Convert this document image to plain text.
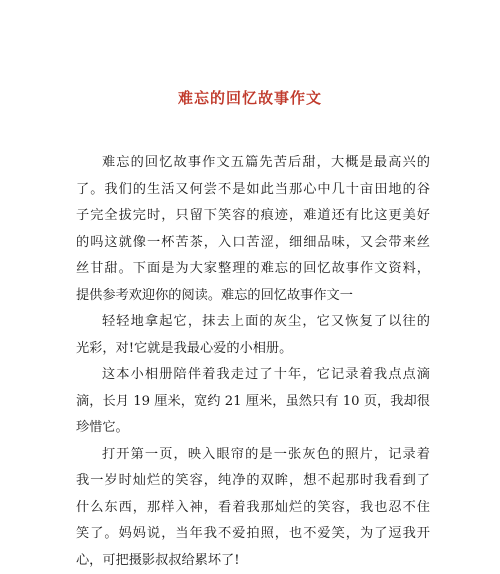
难忘的回忆故事作文
难忘的回忆故事作文五篇先苦后甜，大概是最高兴的
了。我们的生活又何尝不是如此当那心中几十亩田地的谷
子完全拔完时，只留下笑容的痕迹，难道还有比这更美好
的吗这就像一杯苦茶，入口苦涩，细细品味，又会带来丝
丝甘甜。下面是为大家整理的难忘的回忆故事作文资料，
提供参考欢迎你的阅读。难忘的回忆故事作文一
轻轻地拿起它，抹去上面的灰尘，它又恢复了以往的
光彩，对!它就是我最心爱的小相册。
这本小相册陪伴着我走过了十年，它记录着我点点滴
滴，长月 19 厘米，宽约 21 厘米，虽然只有 10 页，我却很
珍惜它。
打开第一页，映入眼帘的是一张灰色的照片，记录着
我一岁时灿烂的笑容，纯净的双眸，想不起那时我看到了
什么东西，那样入神，看着我那灿烂的笑容，我也忍不住
笑了。妈妈说，当年我不爱拍照，也不爱笑，为了逗我开
心，可把摄影叔叔给累坏了!
